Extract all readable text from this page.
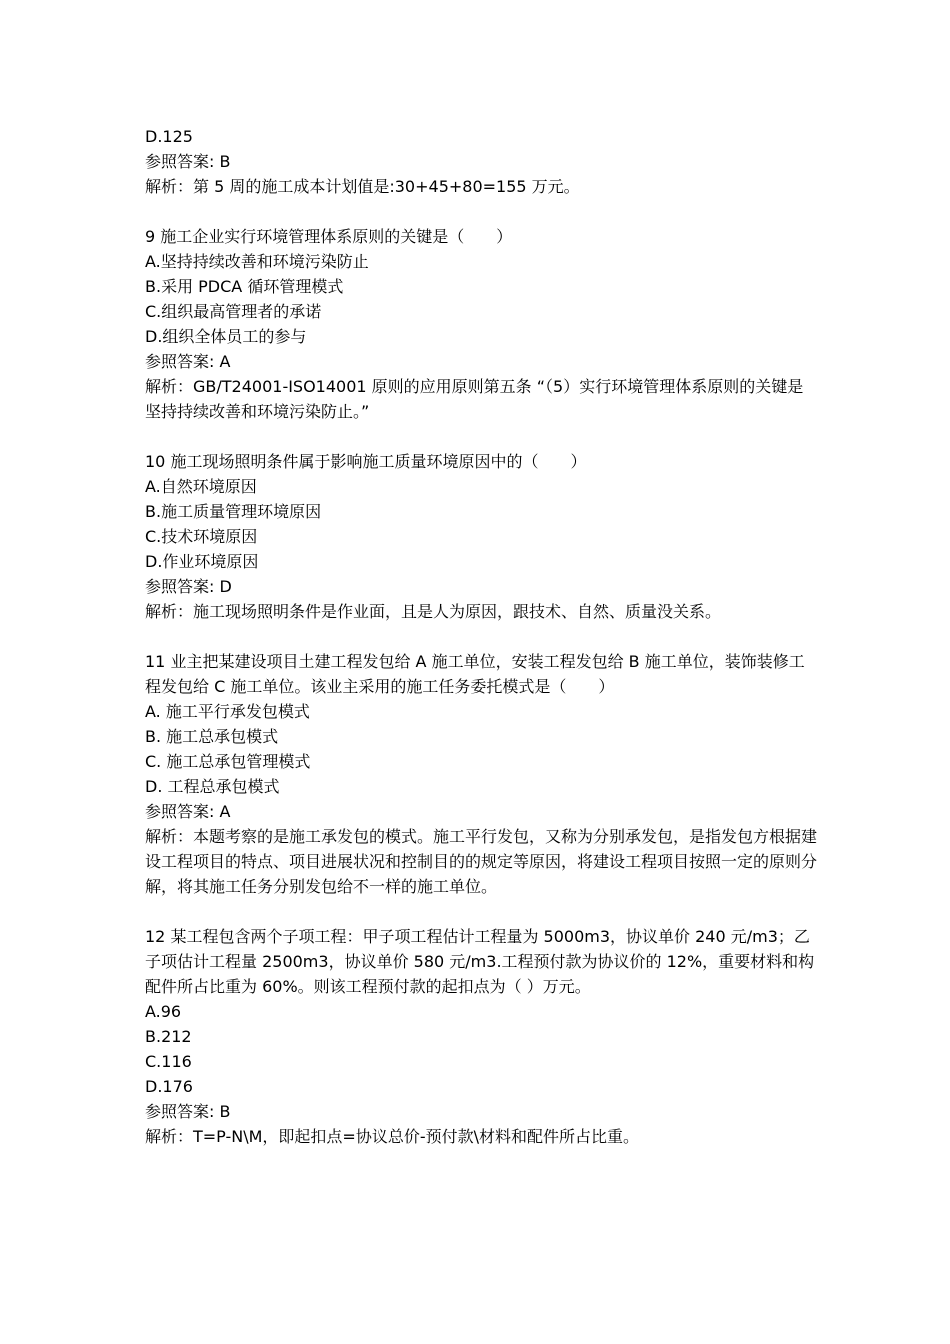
D.125
参照答案: B
解析：第 5 周的施工成本计划值是:30+45+80=155 万元。
9 施工企业实行环境管理体系原则的关键是（　　）
A.坚持持续改善和环境污染防止
B.采用 PDCA 循环管理模式
C.组织最高管理者的承诺
D.组织全体员工的参与
参照答案: A
解析：GB/T24001-ISO14001 原则的应用原则第五条 “（5）实行环境管理体系原则的关键是坚持持续改善和环境污染防止。”
10 施工现场照明条件属于影响施工质量环境原因中的（　　）
A.自然环境原因
B.施工质量管理环境原因
C.技术环境原因
D.作业环境原因
参照答案: D
解析：施工现场照明条件是作业面，且是人为原因，跟技术、自然、质量没关系。
11 业主把某建设项目土建工程发包给 A 施工单位，安装工程发包给 B 施工单位，装饰装修工程发包给 C 施工单位。该业主采用的施工任务委托模式是（　　）
A. 施工平行承发包模式
B. 施工总承包模式
C. 施工总承包管理模式
D. 工程总承包模式
参照答案: A
解析：本题考察的是施工承发包的模式。施工平行发包，又称为分别承发包，是指发包方根据建设工程项目的特点、项目进展状况和控制目的的规定等原因，将建设工程项目按照一定的原则分解，将其施工任务分别发包给不一样的施工单位。
12 某工程包含两个子项工程：甲子项工程估计工程量为 5000m3，协议单价 240 元/m3；乙子项估计工程量 2500m3，协议单价 580 元/m3.工程预付款为协议价的 12%，重要材料和构配件所占比重为 60%。则该工程预付款的起扣点为（ ）万元。
A.96
B.212
C.116
D.176
参照答案: B
解析：T=P-N\M，即起扣点=协议总价-预付款\材料和配件所占比重。
